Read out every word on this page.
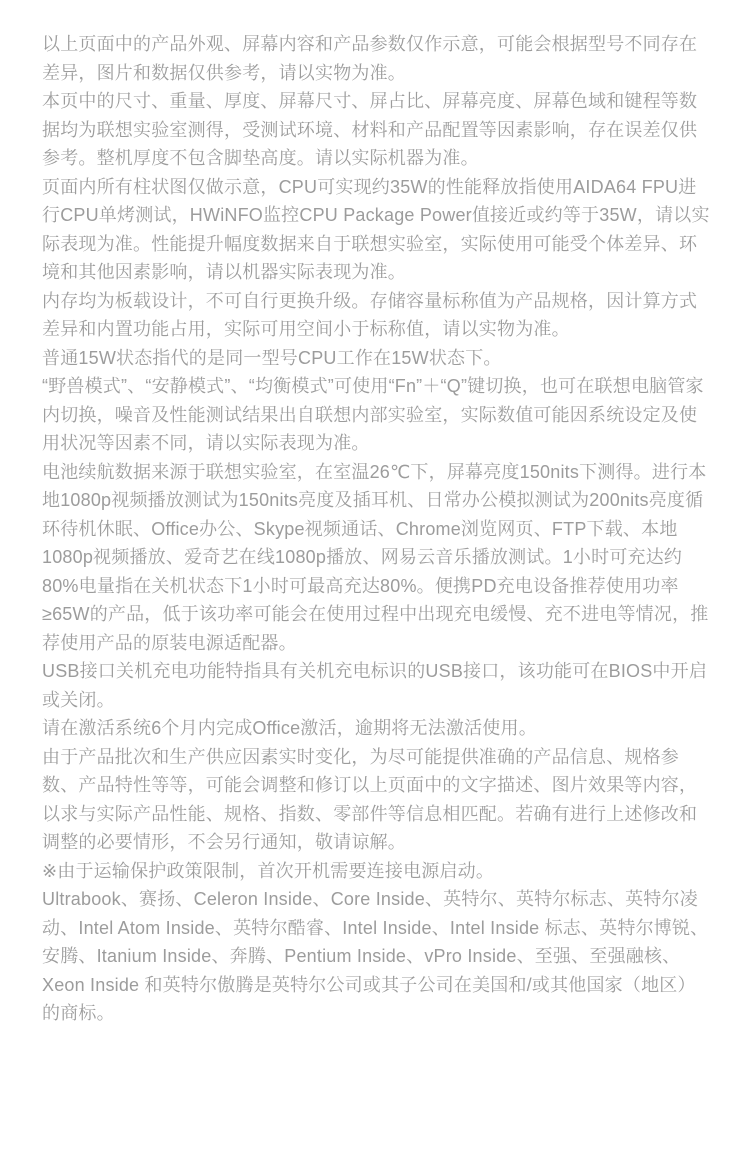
以上页面中的产品外观、屏幕内容和产品参数仅作示意，可能会根据型号不同存在差异，图片和数据仅供参考，请以实物为准。

本页中的尺寸、重量、厚度、屏幕尺寸、屏占比、屏幕亮度、屏幕色域和键程等数据均为联想实验室测得，受测试环境、材料和产品配置等因素影响，存在误差仅供参考。整机厚度不包含脚垫高度。请以实际机器为准。

页面内所有柱状图仅做示意，CPU可实现约35W的性能释放指使用AIDA64 FPU进行CPU单烤测试，HWiNFO监控CPU Package Power值接近或约等于35W，请以实际表现为准。性能提升幅度数据来自于联想实验室，实际使用可能受个体差异、环境和其他因素影响，请以机器实际表现为准。

内存均为板载设计，不可自行更换升级。存储容量标称值为产品规格，因计算方式差异和内置功能占用，实际可用空间小于标称值，请以实物为准。

普通15W状态指代的是同一型号CPU工作在15W状态下。

“野兽模式”、“安静模式”、“均衡模式”可使用“Fn”＋“Q”键切换，也可在联想电脑管家内切换，噪音及性能测试结果出自联想内部实验室，实际数值可能因系统设定及使用状况等因素不同，请以实际表现为准。

电池续航数据来源于联想实验室，在室温26℃下，屏幕亮度150nits下测得。进行本地1080p视频播放测试为150nits亮度及插耳机、日常办公模拟测试为200nits亮度循环待机休眠、Office办公、Skype视频通话、Chrome浏览网页、FTP下载、本地1080p视频播放、爱奇艺在线1080p播放、网易云音乐播放测试。1小时可充达约80%电量指在关机状态下1小时可最高充达80%。便携PD充电设备推荐使用功率≥65W的产品，低于该功率可能会在使用过程中出现充电缓慢、充不进电等情况，推荐使用产品的原装电源适配器。

USB接口关机充电功能特指具有关机充电标识的USB接口，该功能可在BIOS中开启或关闭。

请在激活系统6个月内完成Office激活，逾期将无法激活使用。

由于产品批次和生产供应因素实时变化，为尽可能提供准确的产品信息、规格参数、产品特性等等，可能会调整和修订以上页面中的文字描述、图片效果等内容，以求与实际产品性能、规格、指数、零部件等信息相匹配。若确有进行上述修改和调整的必要情形，不会另行通知，敬请谅解。

※由于运输保护政策限制，首次开机需要连接电源启动。

Ultrabook、赛扬、Celeron Inside、Core Inside、英特尔、英特尔标志、英特尔凌动、Intel Atom Inside、英特尔酷睿、Intel Inside、Intel Inside 标志、英特尔博锐、安腾、Itanium Inside、奔腾、Pentium Inside、vPro Inside、至强、至强融核、Xeon Inside 和英特尔傲腾是英特尔公司或其子公司在美国和/或其他国家（地区）的商标。
